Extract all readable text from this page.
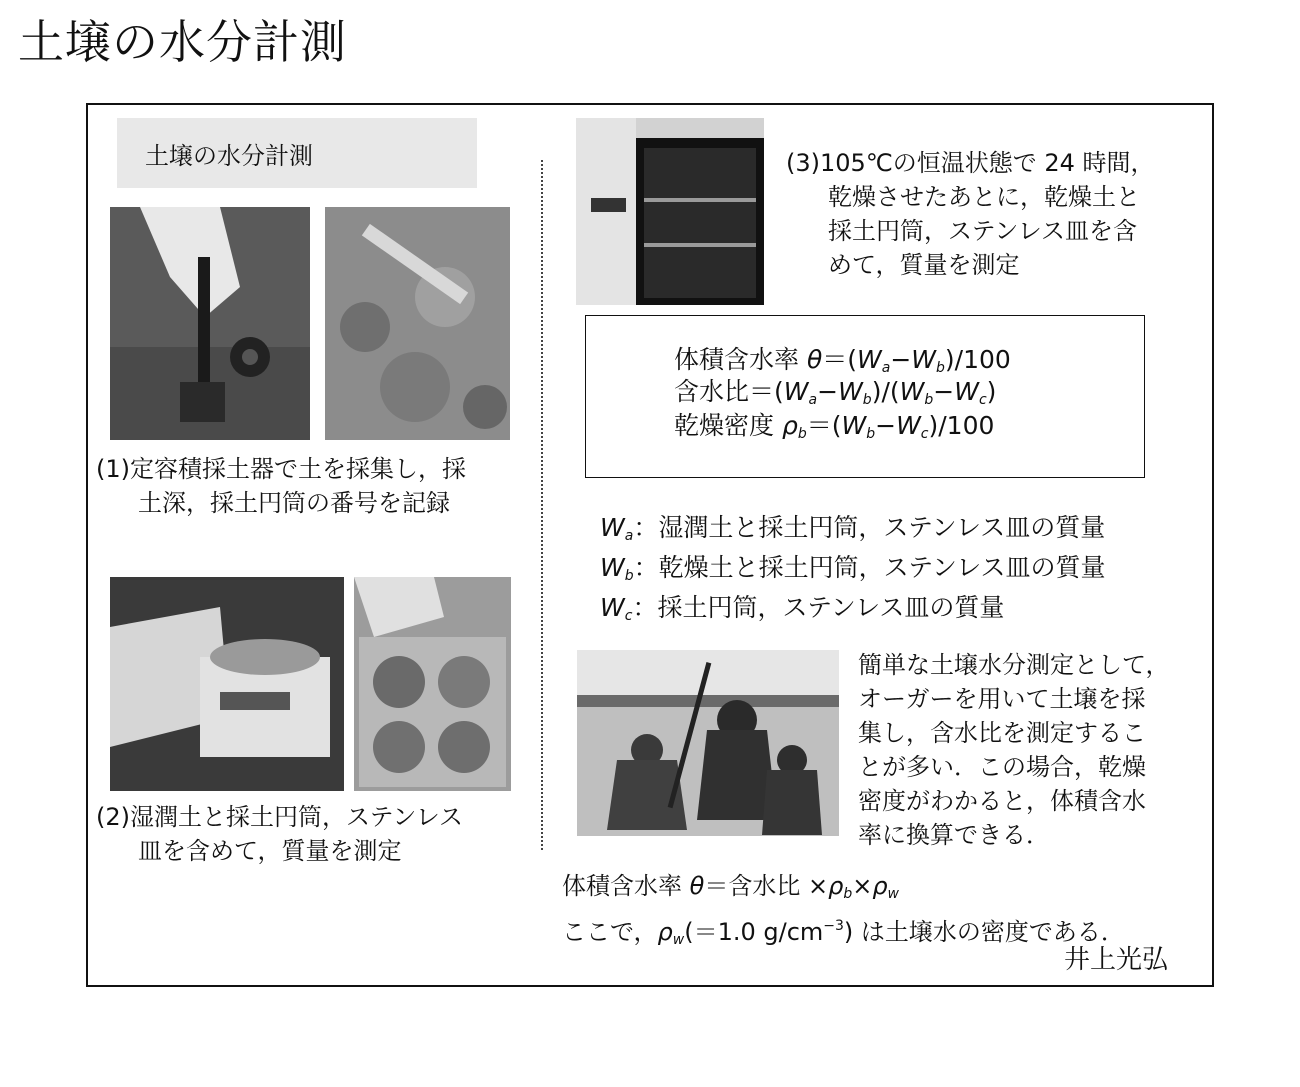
土壌の水分計測
土壌の水分計測
(1)定容積採土器で土を採集し，採
土深，採土円筒の番号を記録
(2)湿潤土と採土円筒，ステンレス
皿を含めて，質量を測定
(3)105℃の恒温状態で 24 時間，
乾燥させたあとに，乾燥土と
採土円筒，ステンレス皿を含
めて，質量を測定
体積含水率 $\theta=(W_a-W_b)/100$
含水比$=(W_a-W_b)/(W_b-W_c)$
乾燥密度 $\rho_b=(W_b-W_c)/100$
$W_a$：湿潤土と採土円筒，ステンレス皿の質量
$W_b$：乾燥土と採土円筒，ステンレス皿の質量
$W_c$：採土円筒，ステンレス皿の質量
簡単な土壌水分測定として，
オーガーを用いて土壌を採
集し，含水比を測定するこ
とが多い．この場合，乾燥
密度がわかると，体積含水
率に換算できる．
体積含水率 θ＝含水比 $\times\rho_b\times\rho_w$
ここで，$\rho_w(=1.0$ $g/cm^{-3}$) は土壌水の密度である．
井上光弘
